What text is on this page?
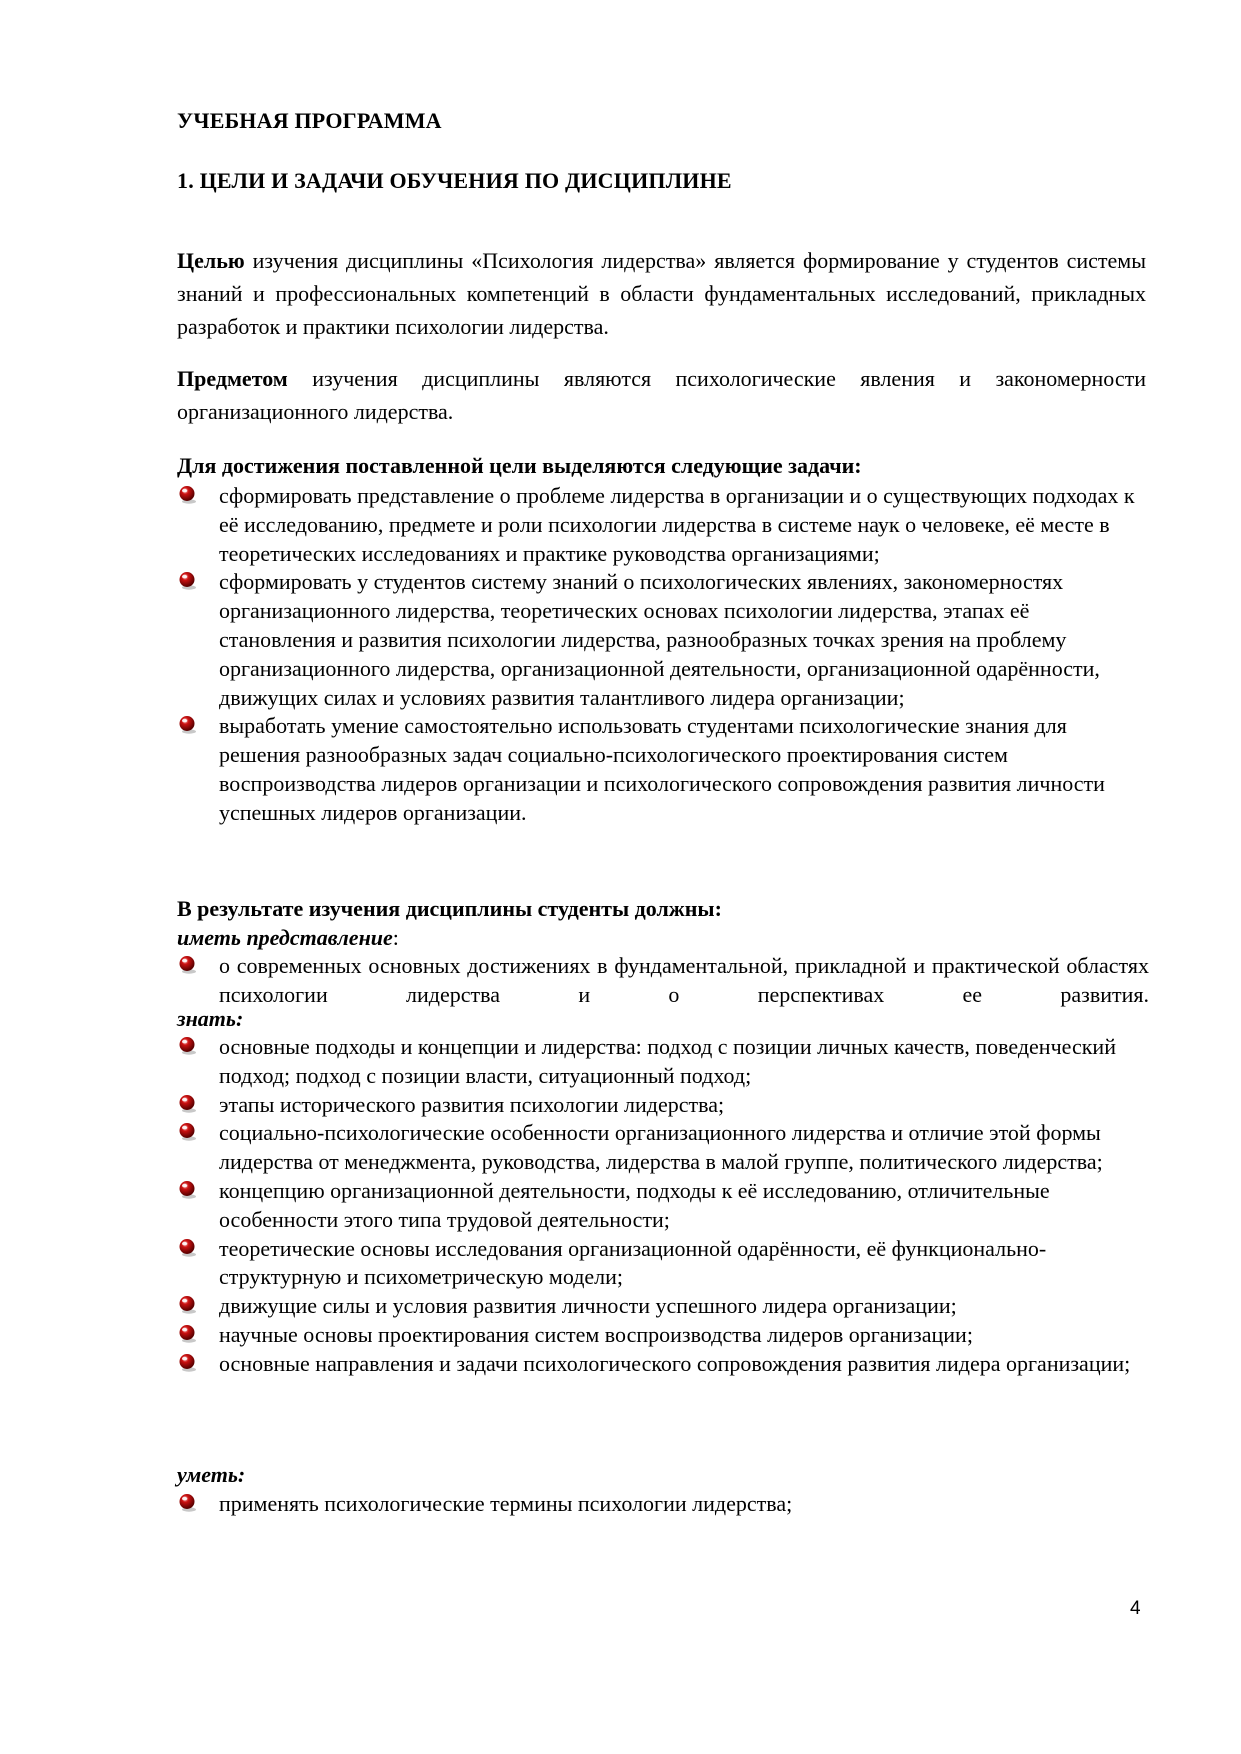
УЧЕБНАЯ ПРОГРАММА
1. ЦЕЛИ И ЗАДАЧИ ОБУЧЕНИЯ ПО ДИСЦИПЛИНЕ
Целью изучения дисциплины «Психология лидерства» является формирование у студентов системы знаний и профессиональных компетенций в области фундаментальных исследований, прикладных разработок и практики психологии лидерства.
Предметом изучения дисциплины являются психологические явления и закономерности организационного лидерства.
Для достижения поставленной цели выделяются следующие задачи:
сформировать представление о проблеме лидерства в организации и о существующих подходах к её исследованию, предмете и роли психологии лидерства в системе наук о человеке, её месте в теоретических исследованиях и практике руководства организациями;
сформировать у студентов систему знаний о психологических явлениях, закономерностях организационного лидерства, теоретических основах психологии лидерства, этапах её становления и развития психологии лидерства, разнообразных точках зрения на проблему организационного лидерства, организационной деятельности, организационной одарённости, движущих силах и условиях развития талантливого лидера организации;
выработать умение самостоятельно использовать студентами психологические знания для решения разнообразных задач социально-психологического проектирования систем воспроизводства лидеров организации и психологического сопровождения развития личности успешных лидеров организации.
В результате изучения дисциплины студенты должны:
иметь представление:
о современных основных достижениях в фундаментальной, прикладной и практической областях психологии лидерства и о перспективах ее развития.
знать:
основные подходы и концепции и лидерства: подход с позиции личных качеств, поведенческий подход; подход с позиции власти, ситуационный подход;
этапы исторического развития психологии лидерства;
социально-психологические особенности организационного лидерства и отличие этой формы лидерства от менеджмента, руководства, лидерства в малой группе, политического лидерства;
концепцию организационной деятельности, подходы к её исследованию, отличительные особенности этого типа трудовой деятельности;
теоретические основы исследования организационной одарённости, её функционально-структурную и психометрическую модели;
движущие силы и условия развития личности успешного лидера организации;
научные основы проектирования систем воспроизводства лидеров организации;
основные направления и задачи психологического сопровождения развития лидера организации;
уметь:
применять психологические термины психологии лидерства;
4
